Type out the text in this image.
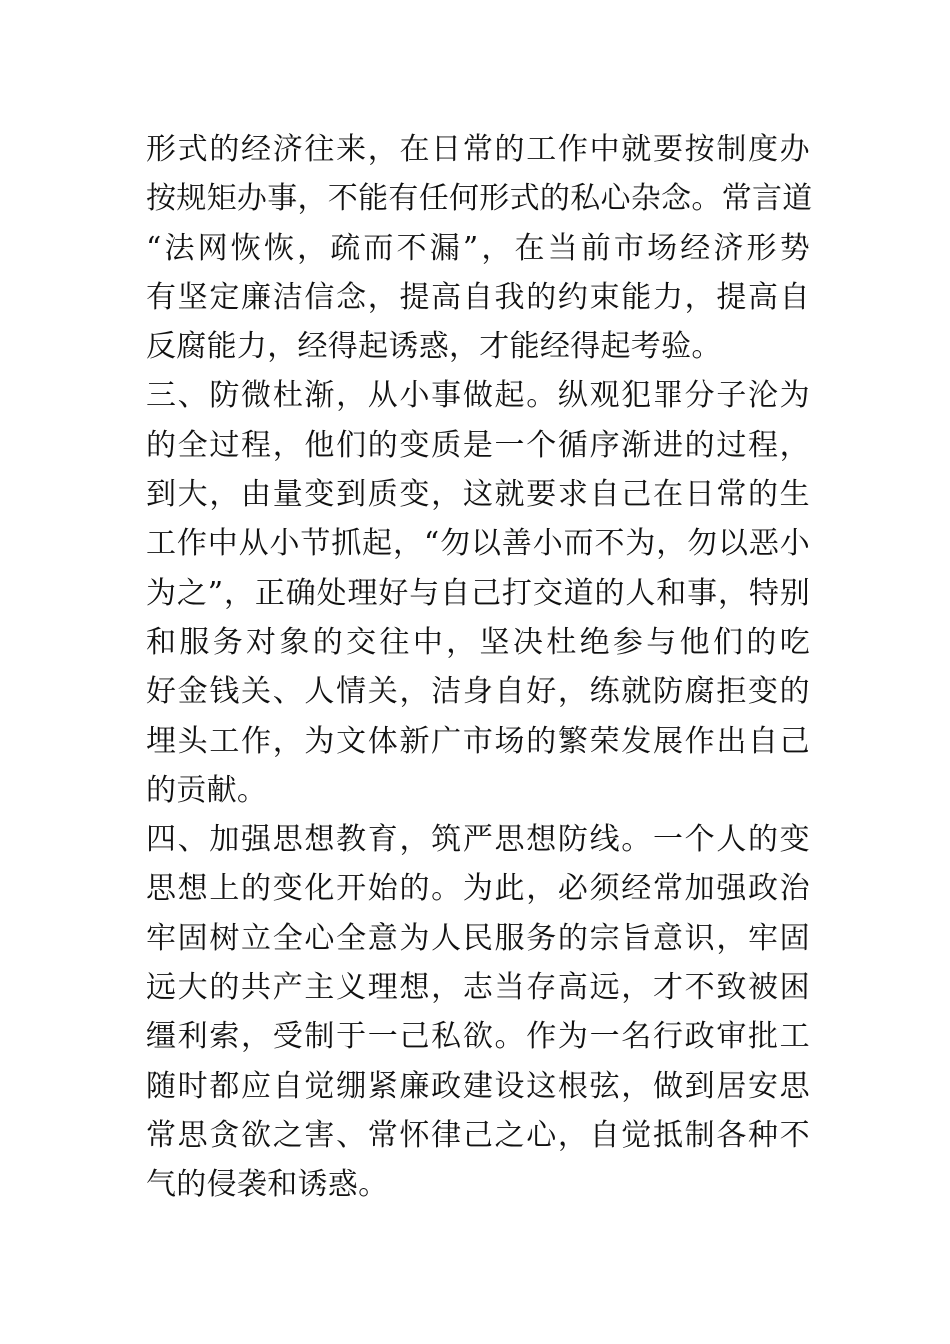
形式的经济往来，在日常的工作中就要按制度办
按规矩办事，不能有任何形式的私心杂念。常言道
“法网恢恢，疏而不漏”，在当前市场经济形势
有坚定廉洁信念，提高自我的约束能力，提高自
反腐能力，经得起诱惑，才能经得起考验。
三、防微杜渐，从小事做起。纵观犯罪分子沦为
的全过程，他们的变质是一个循序渐进的过程，
到大，由量变到质变，这就要求自己在日常的生
工作中从小节抓起，“勿以善小而不为，勿以恶小
为之”，正确处理好与自己打交道的人和事，特别
和服务对象的交往中，坚决杜绝参与他们的吃
好金钱关、人情关，洁身自好，练就防腐拒变的
埋头工作，为文体新广市场的繁荣发展作出自己
的贡献。
四、加强思想教育，筑严思想防线。一个人的变
思想上的变化开始的。为此，必须经常加强政治
牢固树立全心全意为人民服务的宗旨意识，牢固
远大的共产主义理想，志当存高远，才不致被困
缰利索，受制于一己私欲。作为一名行政审批工
随时都应自觉绷紧廉政建设这根弦，做到居安思
常思贪欲之害、常怀律己之心，自觉抵制各种不
气的侵袭和诱惑。
